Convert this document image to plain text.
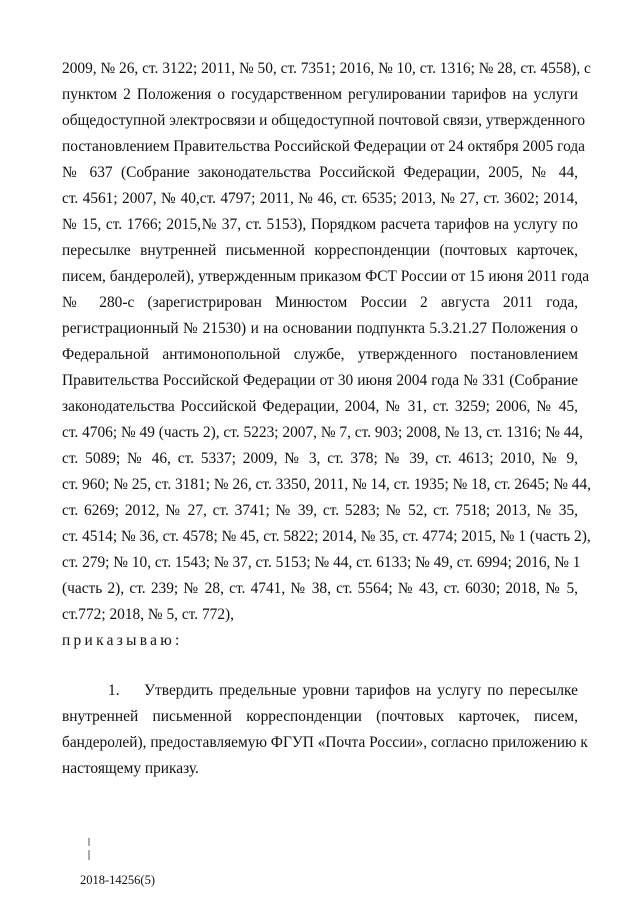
2009, № 26, ст. 3122; 2011, № 50, ст. 7351; 2016, № 10, ст. 1316; № 28, ст. 4558), с
пунктом 2 Положения о государственном регулировании тарифов на услуги
общедоступной электросвязи и общедоступной почтовой связи, утвержденного
постановлением Правительства Российской Федерации от 24 октября 2005 года
№ 637 (Собрание законодательства Российской Федерации, 2005, № 44,
ст. 4561; 2007, № 40,ст. 4797; 2011, № 46, ст. 6535; 2013, № 27, ст. 3602; 2014,
№ 15, ст. 1766; 2015,№ 37, ст. 5153), Порядком расчета тарифов на услугу по
пересылке внутренней письменной корреспонденции (почтовых карточек,
писем, бандеролей), утвержденным приказом ФСТ России от 15 июня 2011 года
№ 280-с (зарегистрирован Минюстом России 2 августа 2011 года,
регистрационный № 21530) и на основании подпункта 5.3.21.27 Положения о
Федеральной антимонопольной службе, утвержденного постановлением
Правительства Российской Федерации от 30 июня 2004 года № 331 (Собрание
законодательства Российской Федерации, 2004, № 31, ст. 3259; 2006, № 45,
ст. 4706; № 49 (часть 2), ст. 5223; 2007, № 7, ст. 903; 2008, № 13, ст. 1316; № 44,
ст. 5089; № 46, ст. 5337; 2009, № 3, ст. 378; № 39, ст. 4613; 2010, № 9,
ст. 960; № 25, ст. 3181; № 26, ст. 3350, 2011, № 14, ст. 1935; № 18, ст. 2645; № 44,
ст. 6269; 2012, № 27, ст. 3741; № 39, ст. 5283; № 52, ст. 7518; 2013, № 35,
ст. 4514; № 36, ст. 4578; № 45, ст. 5822; 2014, № 35, ст. 4774; 2015, № 1 (часть 2),
ст. 279; № 10, ст. 1543; № 37, ст. 5153; № 44, ст. 6133; № 49, ст. 6994; 2016, № 1
(часть 2), ст. 239; № 28, ст. 4741, № 38, ст. 5564; № 43, ст. 6030; 2018, № 5,
ст.772; 2018, № 5, ст. 772),

приказываю:

1. Утвердить предельные уровни тарифов на услугу по пересылке
внутренней письменной корреспонденции (почтовых карточек, писем,
бандеролей), предоставляемую ФГУП «Почта России», согласно приложению к
настоящему приказу.

2018-14256(5)
